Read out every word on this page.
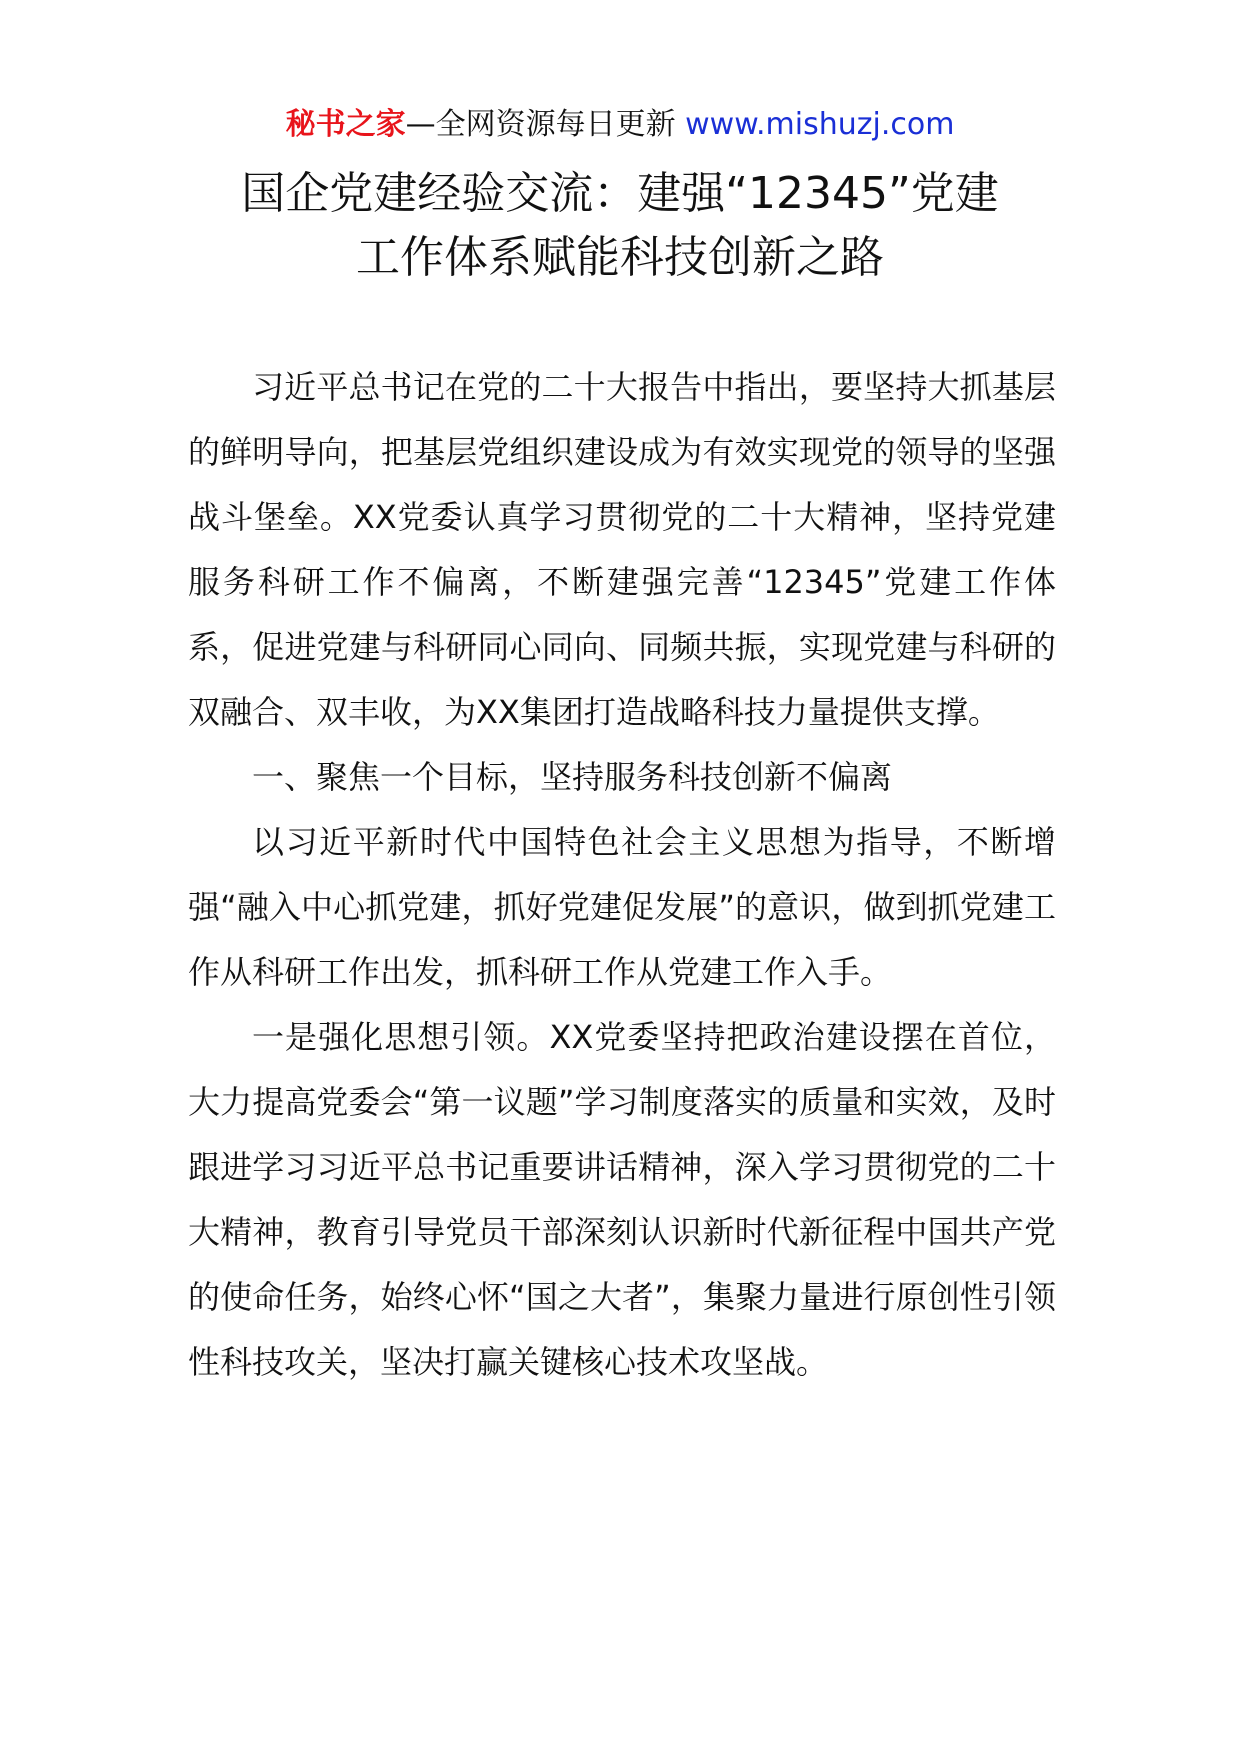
秘书之家—全网资源每日更新 www.mishuzj.com
国企党建经验交流：建强“12345”党建
工作体系赋能科技创新之路

习近平总书记在党的二十大报告中指出，要坚持大抓基层的鲜明导向，把基层党组织建设成为有效实现党的领导的坚强战斗堡垒。XX党委认真学习贯彻党的二十大精神，坚持党建服务科研工作不偏离，不断建强完善“12345”党建工作体系，促进党建与科研同心同向、同频共振，实现党建与科研的双融合、双丰收，为XX集团打造战略科技力量提供支撑。

一、聚焦一个目标，坚持服务科技创新不偏离

以习近平新时代中国特色社会主义思想为指导，不断增强“融入中心抓党建，抓好党建促发展”的意识，做到抓党建工作从科研工作出发，抓科研工作从党建工作入手。

一是强化思想引领。XX党委坚持把政治建设摆在首位，大力提高党委会“第一议题”学习制度落实的质量和实效，及时跟进学习习近平总书记重要讲话精神，深入学习贯彻党的二十大精神，教育引导党员干部深刻认识新时代新征程中国共产党的使命任务，始终心怀“国之大者”，集聚力量进行原创性引领性科技攻关，坚决打赢关键核心技术攻坚战。
